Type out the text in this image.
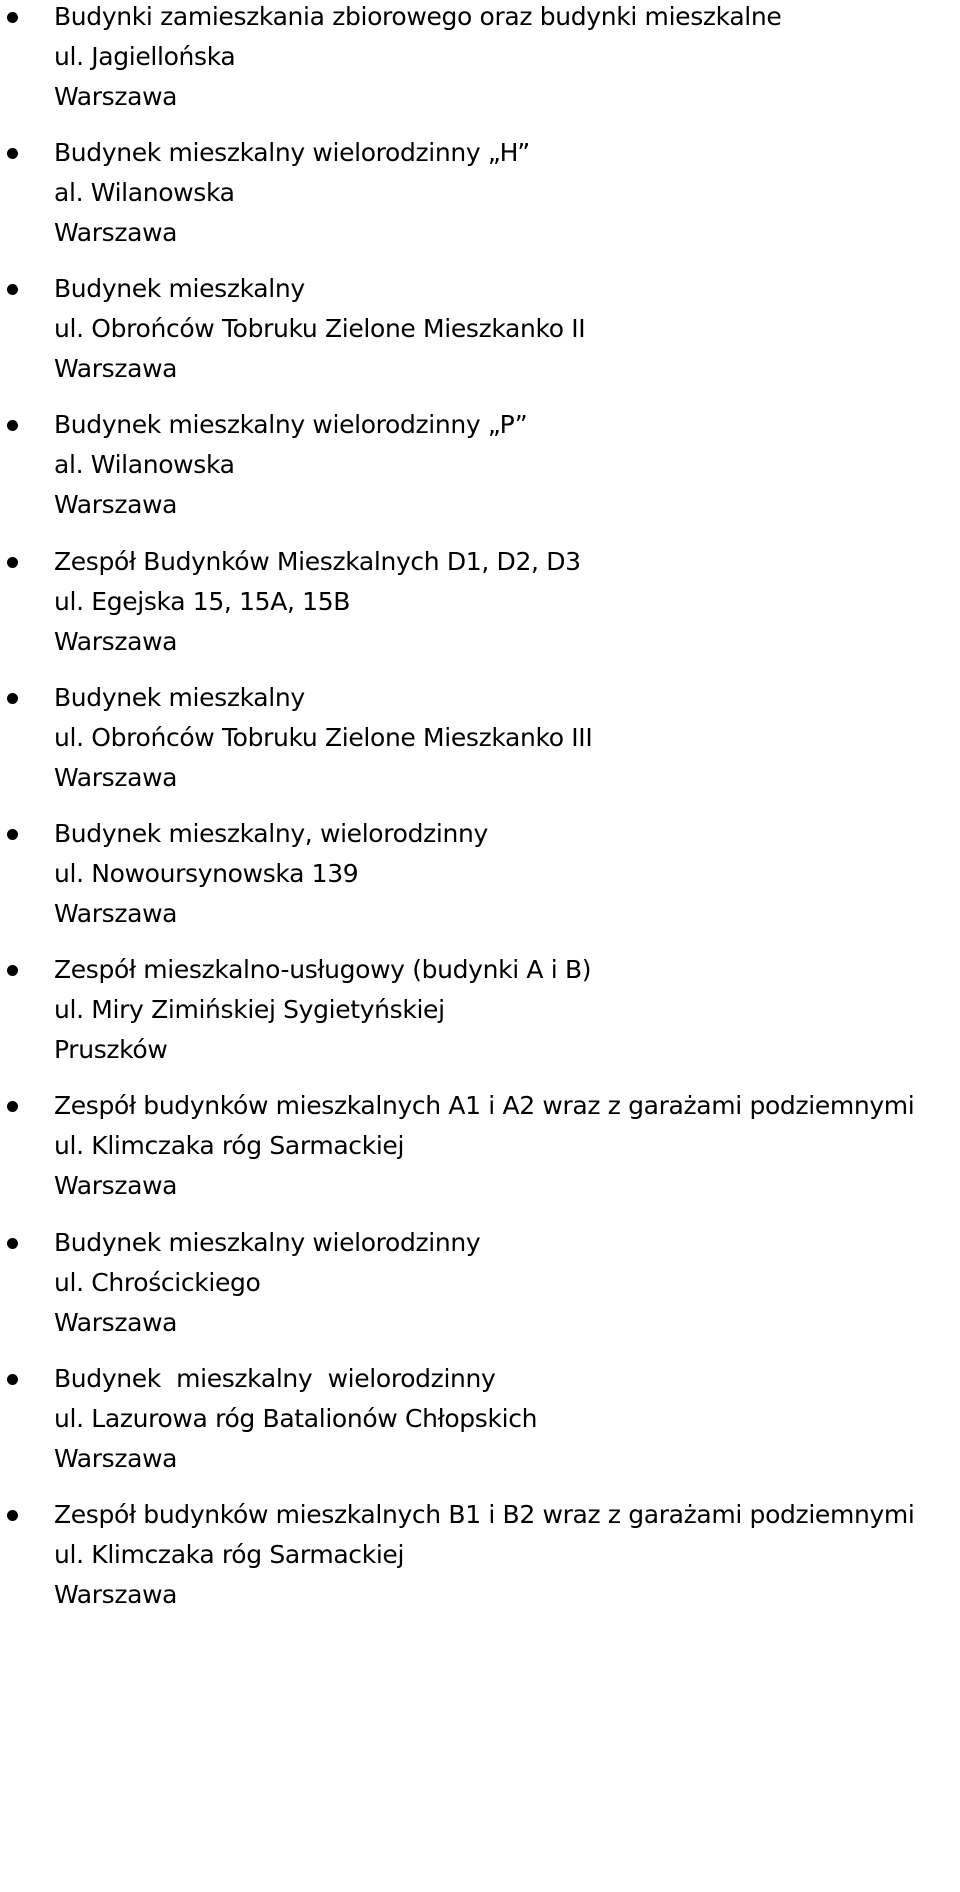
Budynki zamieszkania zbiorowego oraz budynki mieszkalne
ul. Jagiellońska
Warszawa
Budynek mieszkalny wielorodzinny „H”
al. Wilanowska
Warszawa
Budynek mieszkalny
ul. Obrońców Tobruku Zielone Mieszkanko II
Warszawa
Budynek mieszkalny wielorodzinny „P”
al. Wilanowska
Warszawa
Zespół Budynków Mieszkalnych D1, D2, D3
ul. Egejska 15, 15A, 15B
Warszawa
Budynek mieszkalny
ul. Obrońców Tobruku Zielone Mieszkanko III
Warszawa
Budynek mieszkalny, wielorodzinny
ul. Nowoursynowska 139
Warszawa
Zespół mieszkalno-usługowy (budynki A i B)
ul. Miry Zimińskiej Sygietyńskiej
Pruszków
Zespół budynków mieszkalnych A1 i A2 wraz z garażami podziemnymi
ul. Klimczaka róg Sarmackiej
Warszawa
Budynek mieszkalny wielorodzinny
ul. Chrościckiego
Warszawa
Budynek  mieszkalny  wielorodzinny
ul. Lazurowa róg Batalionów Chłopskich
Warszawa
Zespół budynków mieszkalnych B1 i B2 wraz z garażami podziemnymi
ul. Klimczaka róg Sarmackiej
Warszawa
